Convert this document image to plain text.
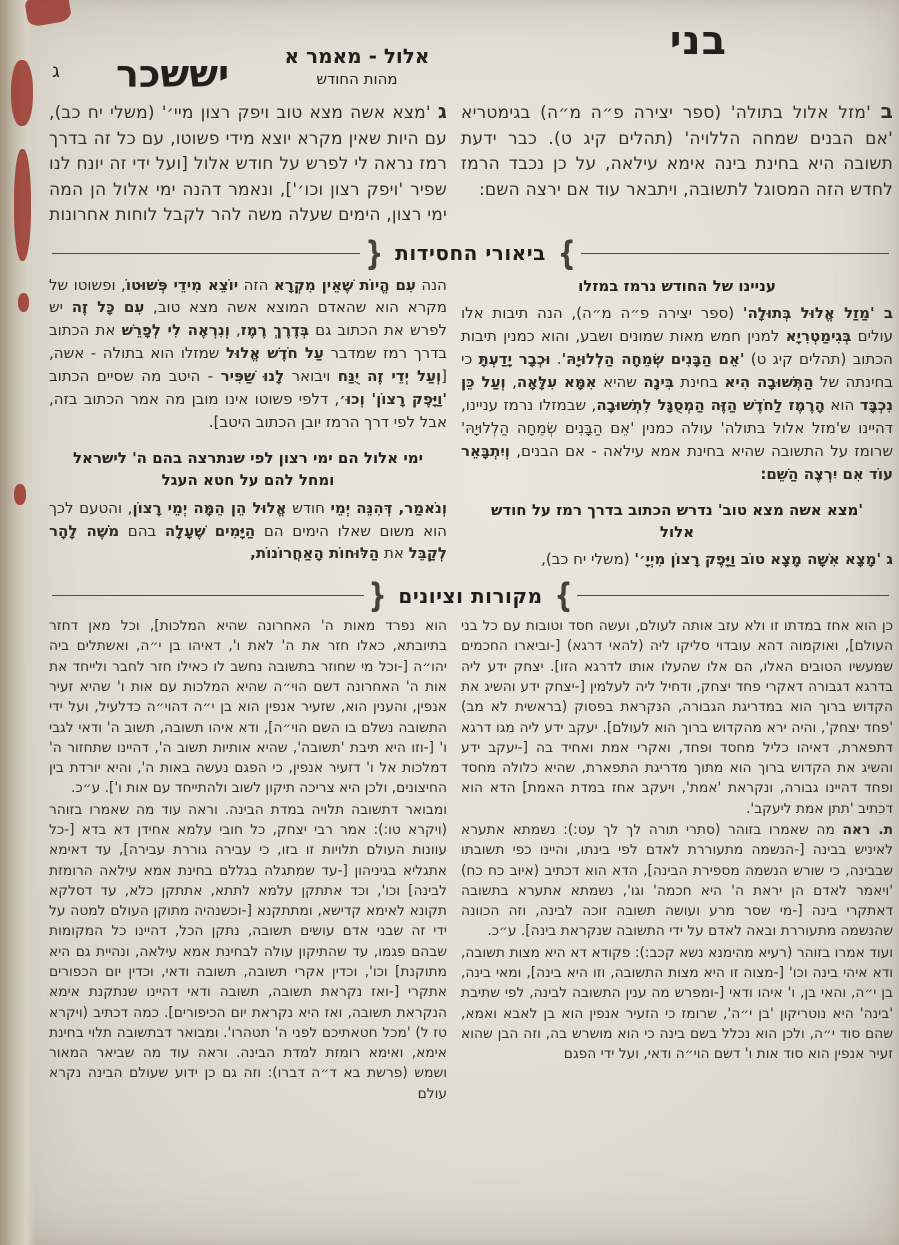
בני
אלול - מאמר א
מהות החודש
יששכר
ג

ב 'מזל אלול בתולה' (ספר יצירה פ״ה מ״ה) בגימטריא 'אם הבנים שמחה הללויה' (תהלים קיג ט). כבר ידעת תשובה היא בחינת בינה אימא עילאה, על כן נכבד הרמז לחדש הזה המסוגל לתשובה, ויתבאר עוד אם ירצה השם:

ג 'מצא אשה מצא טוב ויפק רצון מיי׳' (משלי יח כב), עם היות שאין מקרא יוצא מידי פשוטו, עם כל זה בדרך רמז נראה לי לפרש על חודש אלול [ועל ידי זה יונח לנו שפיר 'ויפק רצון וכו׳'], ונאמר דהנה ימי אלול הן המה ימי רצון, הימים שעלה משה להר לקבל לוחות אחרונות

}
ביאורי החסידות
{
עניינו של החודש נרמז במזלו

ב 'מַזַל אֱלוּל בְּתוּלָה' (ספר יצירה פ״ה מ״ה), הנה תיבות אלו עולים בְּגִימַטְרִיָא למנין חמש מאות שמונים ושבע, והוא כמנין תיבות הכתוב (תהלים קיג ט) 'אֵם הַבָּנִים שְׂמֵחָה הַלְלוּיָהּ'. וּכְבָר יָדַעְתָּ כי בחינתה של הַתְּשׁוּבָה הִיא בחינת בִּינָה שהיא אִמָּא עִלָּאָה, וְעַל כֵּן נִכְבָּד הוא הָרֶמֶז לַחֹדֶשׁ הַזֶּה הַמְסֻגָּל לִתְשׁוּבָה, שבמזלו נרמז עניינו, דהיינו ש'מזל אלול בתולה' עולה כמנין 'אֵם הַבָּנִים שְׂמֵחָה הַלְלוּיָהּ' שרומז על התשובה שהיא בחינת אמא עילאה - אם הבנים, וְיִתְבָּאֵר עוֹד אִם יִרְצֶה הַשֵּׁם:

'מצא אשה מצא טוב' נדרש הכתוב בדרך רמז על חודש אלול

ג 'מָצָא אִשָּׁה מָצָא טוֹב וַיָּפֶק רָצוֹן מִיְיָ׳' (משלי יח כב),

הנה עִם הֱיוֹת שֶׁאֵין מִקְרָא הזה יוֹצֵא מִידֵי פְּשׁוּטוֹ, ופשוטו של מקרא הוא שהאדם המוצא אשה מצא טוב, עִם כָּל זֶה יש לפרש את הכתוב גם בְּדֶרֶךְ רֶמֶז, וְנִרְאֶה לִי לְפָרֵשׁ את הכתוב בדרך רמז שמדבר עַל חֹדֶשׁ אֱלוּל שמזלו הוא בתולה - אשה, [וְעַל יְדֵי זֶה יֻנַּח ויבואר לָנוּ שַׁפִּיר - היטב מה שסיים הכתוב 'וַיָּפֶק רָצוֹן' וְכוּ׳, דלפי פשוטו אינו מובן מה אמר הכתוב בזה, אבל לפי דרך הרמז יובן הכתוב היטב].

ימי אלול הם ימי רצון לפי שנתרצה בהם ה' לישראל ומחל להם על חטא העגל

וְנֹאמַר, דְּהִנֵּה יְמֵי חודש אֱלוּל הֵן הֵמָּה יְמֵי רָצוֹן, והטעם לכך הוא משום שאלו הימים הם הַיָּמִים שֶׁעָלָה בהם מֹשֶׁה לָהָר לְקַבֵּל את הַלּוּחוֹת הָאַחֲרוֹנוֹת,

}
מקורות וציונים
{

כן הוא אחז במדתו זו ולא עזב אותה לעולם, ועשה חסד וטובות עם כל בני העולם], ואוקמוה דהא עובדוי סליקו ליה (להאי דרגא) [-וביארו החכמים שמעשיו הטובים האלו, הם אלו שהעלו אותו לדרגא הזו]. יצחק ידע ליה בדרגא דגבורה דאקרי פחד יצחק, ודחיל ליה לעלמין [-יצחק ידע והשיג את הקדוש ברוך הוא במדריגת הגבורה, הנקראת בפסוק (בראשית לא מב) 'פחד יצחק', והיה ירא מהקדוש ברוך הוא לעולם]. יעקב ידע ליה מגו דרגא דתפארת, דאיהו כליל מחסד ופחד, ואקרי אמת ואחיד בה [-יעקב ידע והשיג את הקדוש ברוך הוא מתוך מדריגת התפארת, שהיא כלולה מחסד ופחד דהיינו גבורה, ונקראת 'אמת', ויעקב אחז במדת האמת] הדא הוא דכתיב 'תתן אמת ליעקב'.

ת. ראה מה שאמרו בזוהר (סתרי תורה לך לך עט:): נשמתא אתערא לאיניש בבינה [-הנשמה מתעוררת לאדם לפי בינתו, והיינו כפי תשובתו שבבינה, כי שורש הנשמה מספירת הבינה], הדא הוא דכתיב (איוב כח כח) 'ויאמר לאדם הן יראת ה' היא חכמה' וגו', נשמתא אתערא בתשובה דאתקרי בינה [-מי שסר מרע ועושה תשובה זוכה לבינה, וזה הכוונה שהנשמה מתעוררת ובאה לאדם על ידי התשובה שנקראת בינה]. ע״כ.

ועוד אמרו בזוהר (רעיא מהימנא נשא קכב:): פקודא דא היא מצות תשובה, ודא איהי בינה וכו' [-מצוה זו היא מצות התשובה, וזו היא בינה], ומאי בינה, בן י״ה, והאי בן, ו' איהו ודאי [-ומפרש מה ענין התשובה לבינה, לפי שתיבת 'בינה' היא נוטריקון 'בן י״ה', שרומז כי הזעיר אנפין הוא בן לאבא ואמא, שהם סוד י״ה, ולכן הוא נכלל בשם בינה כי הוא מושרש בה, וזה הבן שהוא זעיר אנפין הוא סוד אות ו' דשם הוי״ה ודאי, ועל ידי הפגם

הוא נפרד מאות ה' האחרונה שהיא המלכות], וכל מאן דחזר בתיובתא, כאלו חזר את ה' לאת ו', דאיהו בן י״ה, ואשתלים ביה יהו״ה [-וכל מי שחוזר בתשובה נחשב לו כאילו חזר לחבר ולייחד את אות ה' האחרונה דשם הוי״ה שהיא המלכות עם אות ו' שהיא זעיר אנפין, והענין הוא, שזעיר אנפין הוא בן י״ה דהוי״ה כדלעיל, ועל ידי התשובה נשלם בו השם הוי״ה], ודא איהו תשובה, תשוב ה' ודאי לגבי ו' [-וזו היא תיבת 'תשובה', שהיא אותיות תשוב ה', דהיינו שתחזור ה' דמלכות אל ו' דזעיר אנפין, כי הפגם נעשה באות ה', והיא יורדת בין החיצונים, ולכן היא צריכה תיקון לשוב ולהתייחד עם אות ו']. ע״כ.

ומבואר דתשובה תלויה במדת הבינה. וראה עוד מה שאמרו בזוהר (ויקרא טו:): אמר רבי יצחק, כל חובי עלמא אחידן דא בדא [-כל עוונות העולם תלויות זו בזו, כי עבירה גוררת עבירה], עד דאימא אתגליא בגיניהון [-עד שמתגלה בגללם בחינת אמא עילאה הרומזת לבינה] וכו', וכד אתתקן עלמא לתתא, אתתקן כלא, עד דסלקא תקונא לאימא קדישא, ומתתקנא [-וכשנהיה מתוקן העולם למטה על ידי זה שבני אדם עושים תשובה, נתקן הכל, דהיינו כל המקומות שבהם פגמו, עד שהתיקון עולה לבחינת אמא עילאה, ונהיית גם היא מתוקנת] וכו', וכדין אקרי תשובה, תשובה ודאי, וכדין יום הכפורים אתקרי [-ואז נקראת תשובה, תשובה ודאי דהיינו שנתקנת אימא הנקראת תשובה, ואז היא נקראת יום הכיפורים]. כמה דכתיב (ויקרא טז ל) 'מכל חטאתיכם לפני ה' תטהרו'. ומבואר דבתשובה תלוי בחינת אימא, ואימא רומזת למדת הבינה. וראה עוד מה שביאר המאור ושמש (פרשת בא ד״ה דברו): וזה גם כן ידוע שעולם הבינה נקרא עולם
